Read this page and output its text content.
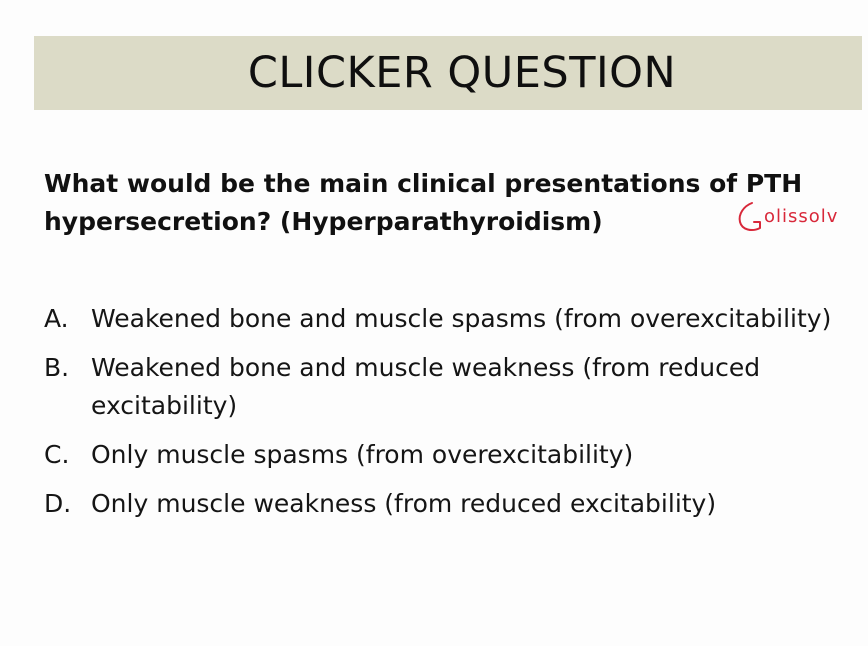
CLICKER QUESTION
What would be the main clinical presentations of PTH hypersecretion? (Hyperparathyroidism)
A. Weakened bone and muscle spasms (from overexcitability)
B. Weakened bone and muscle weakness (from reduced excitability)
C. Only muscle spasms (from overexcitability)
D. Only muscle weakness (from reduced excitability)
olissolv
